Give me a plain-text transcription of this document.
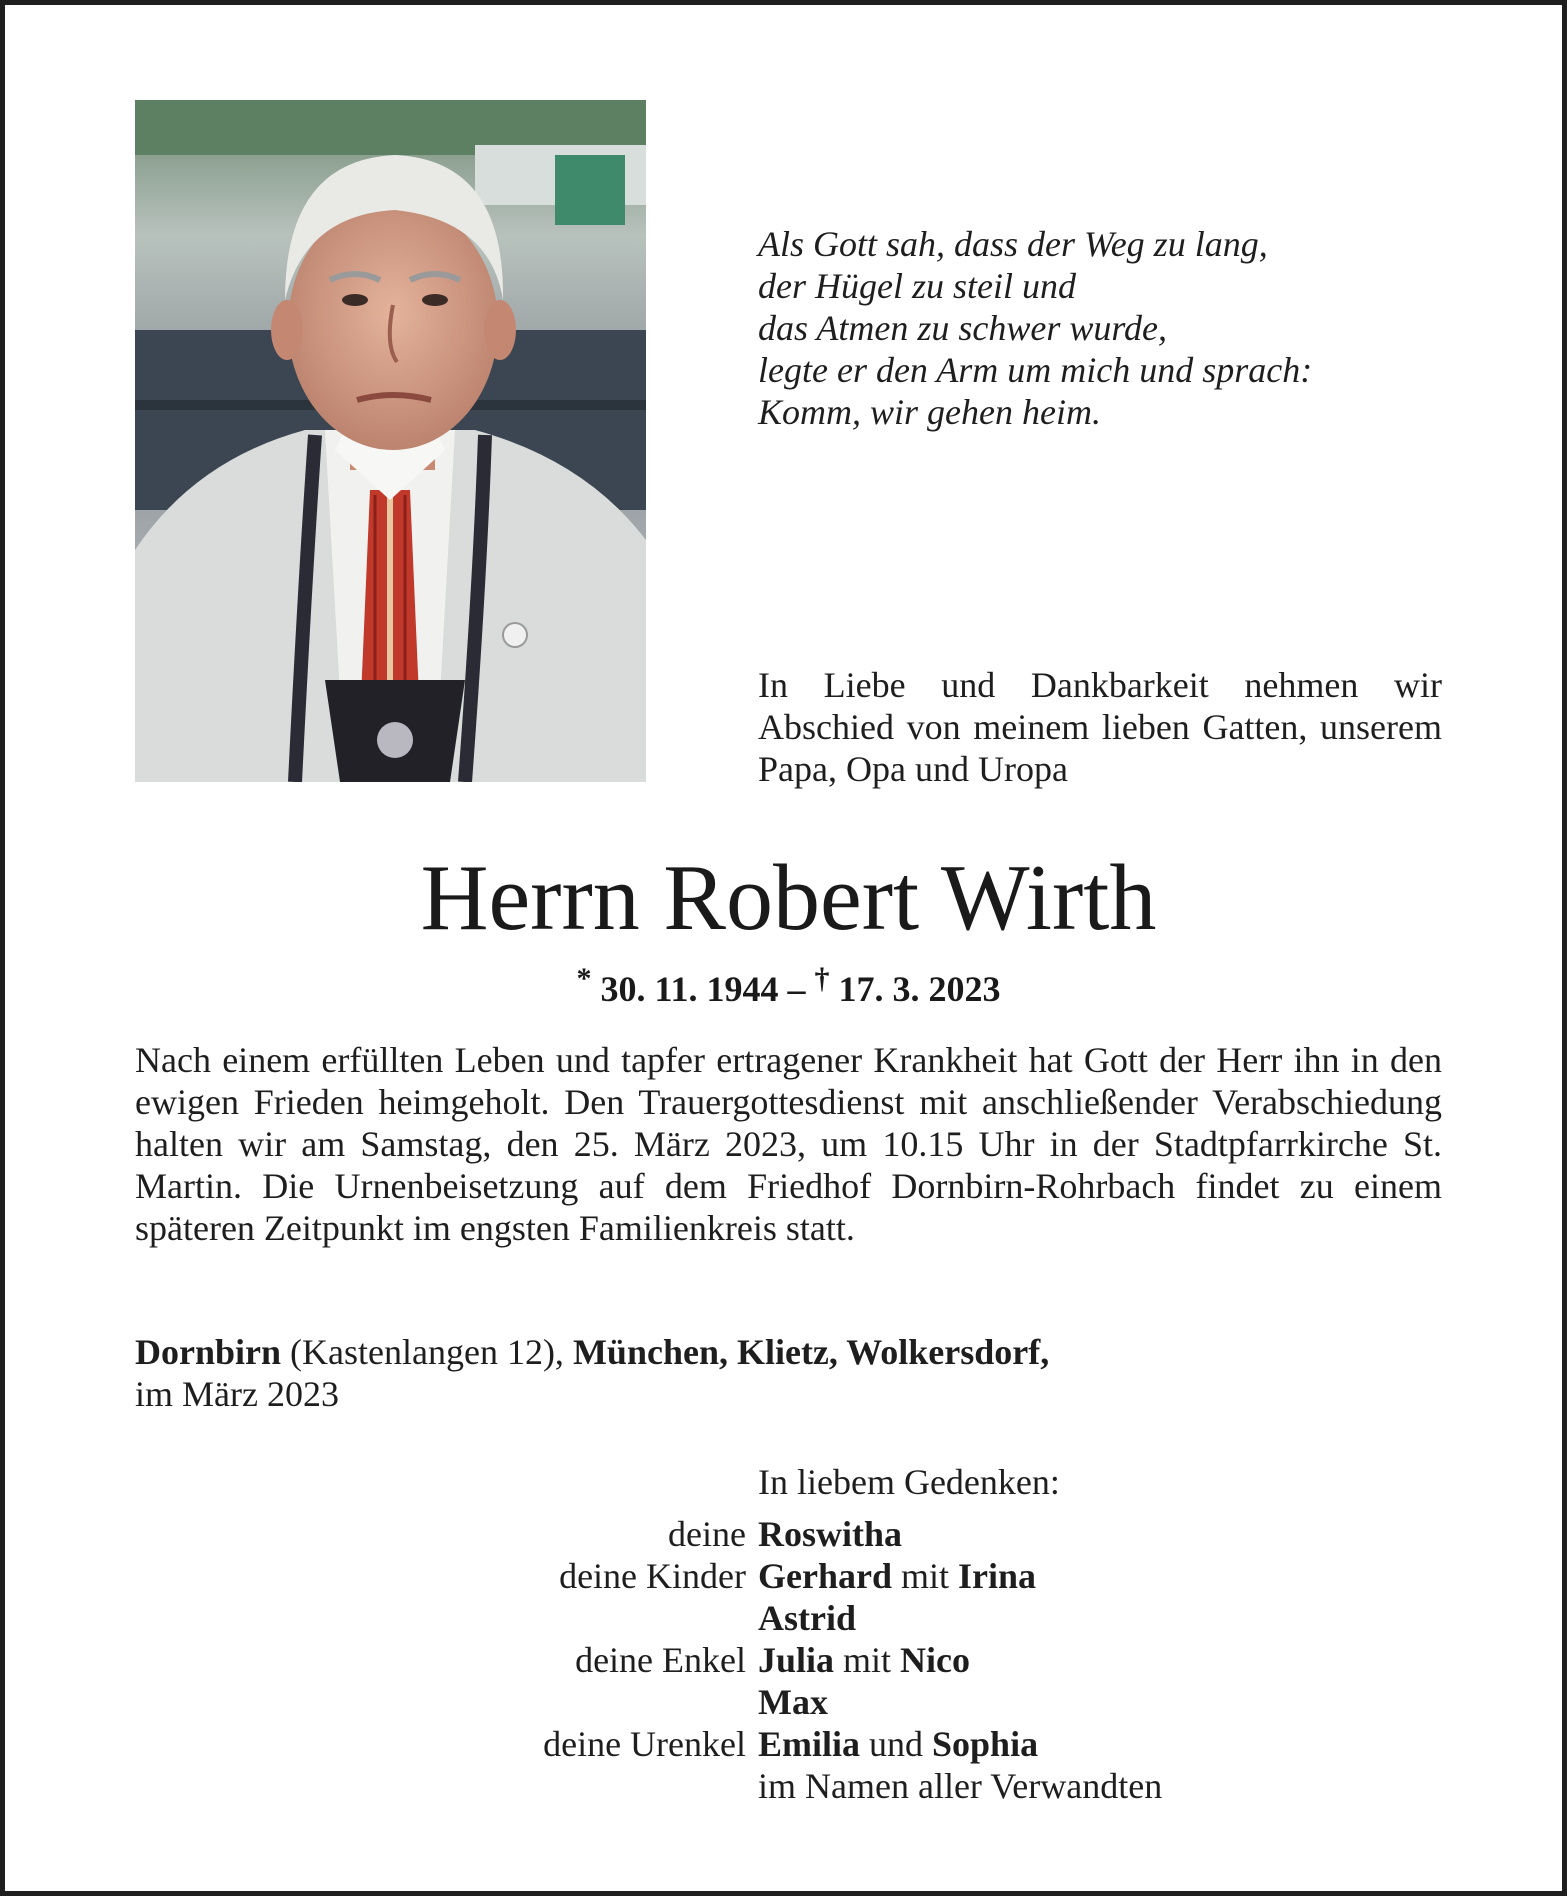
Als Gott sah, dass der Weg zu lang,
der Hügel zu steil und
das Atmen zu schwer wurde,
legte er den Arm um mich und sprach:
Komm, wir gehen heim.
In Liebe und Dankbarkeit nehmen wir Abschied von meinem lieben Gatten, unserem Papa, Opa und Uropa
Herrn Robert Wirth
* 30. 11. 1944 – † 17. 3. 2023
Nach einem erfüllten Leben und tapfer ertragener Krankheit hat Gott der Herr ihn in den ewigen Frieden heimgeholt. Den Trauergottesdienst mit anschließender Verabschiedung halten wir am Samstag, den 25. März 2023, um 10.15 Uhr in der Stadtpfarrkirche St. Martin. Die Urnenbeisetzung auf dem Friedhof Dornbirn-Rohrbach findet zu einem späteren Zeitpunkt im engsten Familienkreis statt.
Dornbirn (Kastenlangen 12), München, Klietz, Wolkersdorf,
im März 2023
In liebem Gedenken:
deine Roswitha
deine Kinder Gerhard mit Irina
Astrid
deine Enkel Julia mit Nico
Max
deine Urenkel Emilia und Sophia
im Namen aller Verwandten
